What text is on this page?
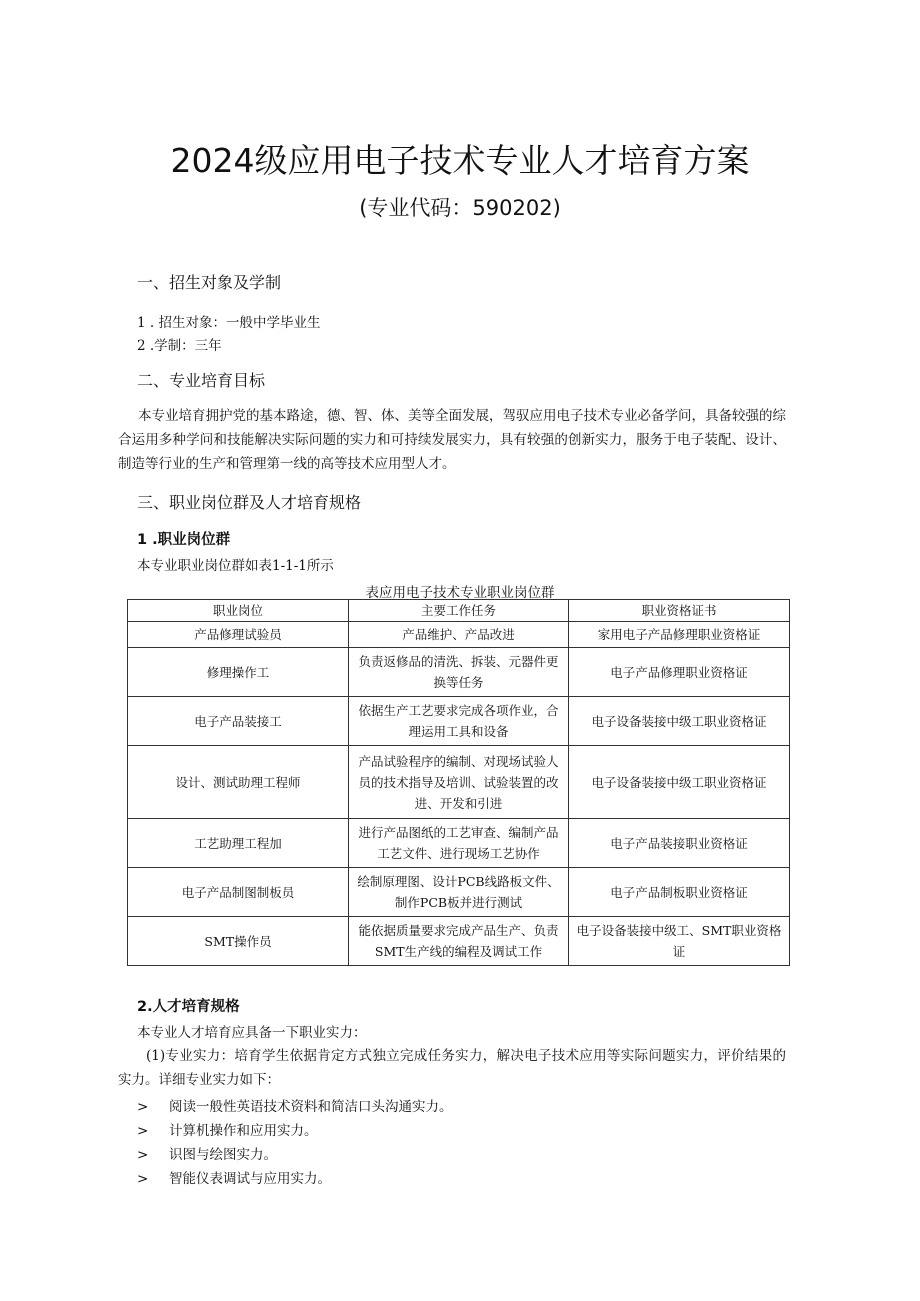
2024级应用电子技术专业人才培育方案
(专业代码：590202)
一、招生对象及学制
1 . 招生对象：一般中学毕业生
2 .学制：三年
二、专业培育目标
本专业培育拥护党的基本路途，德、智、体、美等全面发展，驾驭应用电子技术专业必备学问，具备较强的综合运用多种学问和技能解决实际问题的实力和可持续发展实力，具有较强的创新实力，服务于电子装配、设计、制造等行业的生产和管理第一线的高等技术应用型人才。
三、职业岗位群及人才培育规格
1 .职业岗位群
本专业职业岗位群如表1-1-1所示
表应用电子技术专业职业岗位群
职业岗位	主要工作任务	职业资格证书
产品修理试验员	产品维护、产品改进	家用电子产品修理职业资格证
修理操作工	负责返修品的清洗、拆装、元器件更换等任务	电子产品修理职业资格证
电子产品装接工	依据生产工艺要求完成各项作业，合理运用工具和设备	电子设备装接中级工职业资格证
设计、测试助理工程师	产品试验程序的编制、对现场试验人员的技术指导及培训、试验装置的改进、开发和引进	电子设备装接中级工职业资格证
工艺助理工程加	进行产品图纸的工艺审查、编制产品工艺文件、进行现场工艺协作	电子产品装接职业资格证
电子产品制图制板员	绘制原理图、设计PCB线路板文件、制作PCB板并进行测试	电子产品制板职业资格证
SMT操作员	能依据质量要求完成产品生产、负责SMT生产线的编程及调试工作	电子设备装接中级工、SMT职业资格证
2.人才培育规格
本专业人才培育应具备一下职业实力：
(1)专业实力：培育学生依据肯定方式独立完成任务实力，解决电子技术应用等实际问题实力，评价结果的实力。详细专业实力如下：
> 阅读一般性英语技术资料和简洁口头沟通实力。
> 计算机操作和应用实力。
> 识图与绘图实力。
> 智能仪表调试与应用实力。
